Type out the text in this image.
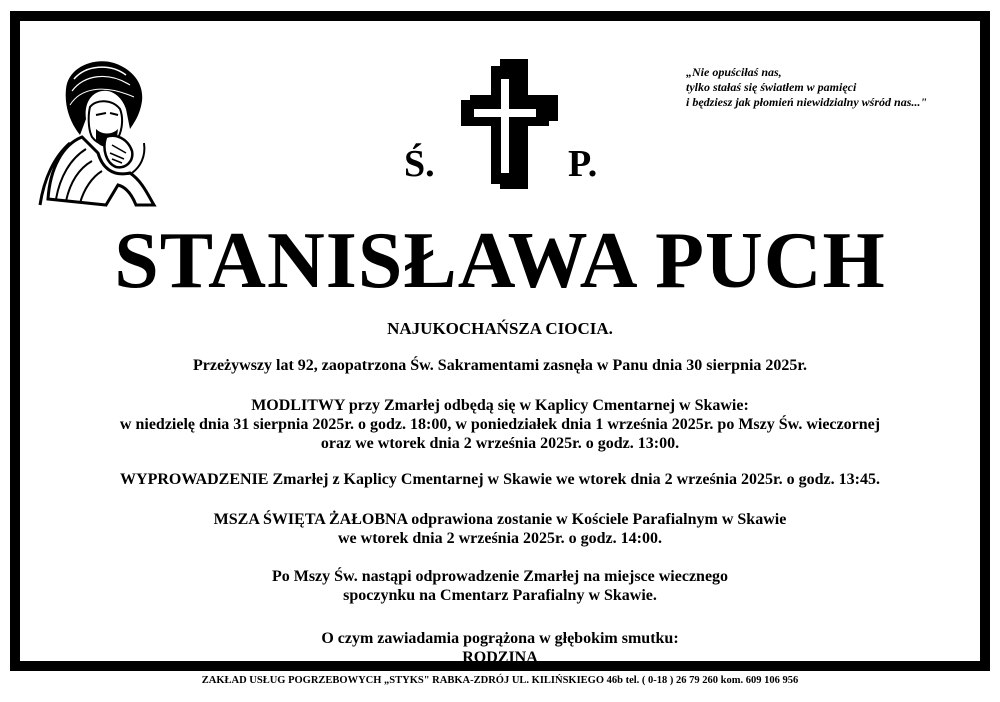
Ś.	P.
„Nie opuściłaś nas,
tylko stałaś się światłem w pamięci
i będziesz jak płomień niewidzialny wśród nas..."
STANISŁAWA PUCH
NAJUKOCHAŃSZA CIOCIA.
Przeżywszy lat 92, zaopatrzona Św. Sakramentami zasnęła w Panu dnia 30 sierpnia 2025r.
MODLITWY przy Zmarłej odbędą się w Kaplicy Cmentarnej w Skawie:
w niedzielę dnia 31 sierpnia 2025r. o godz. 18:00, w poniedziałek dnia 1 września 2025r. po Mszy Św. wieczornej
oraz we wtorek dnia 2 września 2025r. o godz. 13:00.
WYPROWADZENIE Zmarłej z Kaplicy Cmentarnej w Skawie we wtorek dnia 2 września 2025r. o godz. 13:45.
MSZA ŚWIĘTA ŻAŁOBNA odprawiona zostanie w Kościele Parafialnym w Skawie
we wtorek dnia 2 września 2025r. o godz. 14:00.
Po Mszy Św. nastąpi odprowadzenie Zmarłej na miejsce wiecznego
spoczynku na Cmentarz Parafialny w Skawie.
O czym zawiadamia pogrążona w głębokim smutku:
RODZINA
ZAKŁAD USŁUG POGRZEBOWYCH „STYKS" RABKA-ZDRÓJ UL. KILIŃSKIEGO 46b tel. ( 0-18 ) 26 79 260 kom. 609 106 956
